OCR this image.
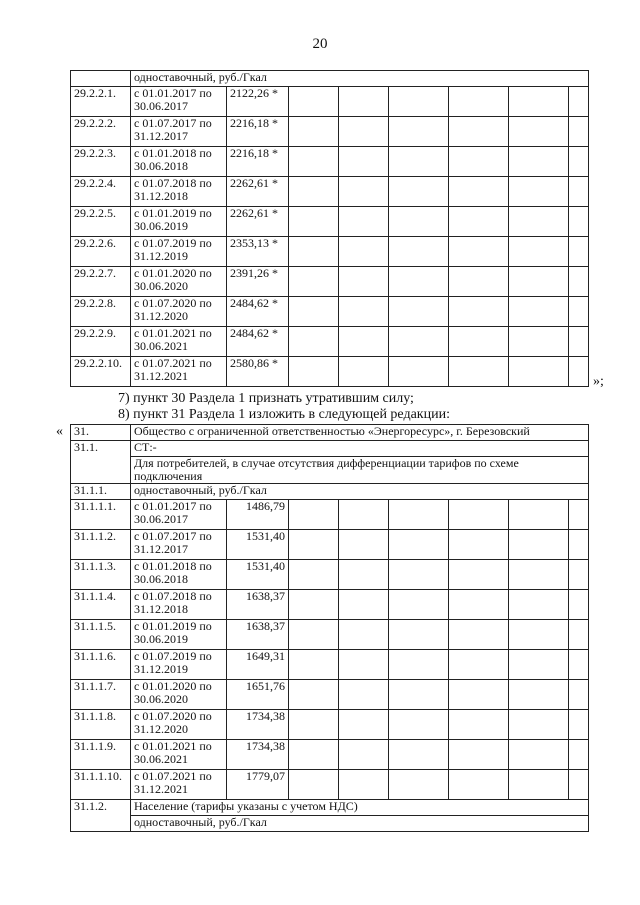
20
	одноставочный, руб./Гкал							
29.2.2.1.	с 01.01.2017 по 30.06.2017	2122,26 *						
29.2.2.2.	с 01.07.2017 по 31.12.2017	2216,18 *						
29.2.2.3.	с 01.01.2018 по 30.06.2018	2216,18 *						
29.2.2.4.	с 01.07.2018 по 31.12.2018	2262,61 *						
29.2.2.5.	с 01.01.2019 по 30.06.2019	2262,61 *						
29.2.2.6.	с 01.07.2019 по 31.12.2019	2353,13 *						
29.2.2.7.	с 01.01.2020 по 30.06.2020	2391,26 *						
29.2.2.8.	с 01.07.2020 по 31.12.2020	2484,62 *						
29.2.2.9.	с 01.01.2021 по 30.06.2021	2484,62 *						
29.2.2.10.	с 01.07.2021 по 31.12.2021	2580,86 *						
»;
7) пункт 30 Раздела 1 признать утратившим силу;
8) пункт 31 Раздела 1 изложить в следующей редакции:
« 31.	Общество с ограниченной ответственностью «Энергоресурс», г. Березовский							
31.1.	СТ:-							
	Для потребителей, в случае отсутствия дифференциации тарифов по схеме подключения							
31.1.1.	одноставочный, руб./Гкал							
31.1.1.1.	с 01.01.2017 по 30.06.2017	1486,79						
31.1.1.2.	с 01.07.2017 по 31.12.2017	1531,40						
31.1.1.3.	с 01.01.2018 по 30.06.2018	1531,40						
31.1.1.4.	с 01.07.2018 по 31.12.2018	1638,37						
31.1.1.5.	с 01.01.2019 по 30.06.2019	1638,37						
31.1.1.6.	с 01.07.2019 по 31.12.2019	1649,31						
31.1.1.7.	с 01.01.2020 по 30.06.2020	1651,76						
31.1.1.8.	с 01.07.2020 по 31.12.2020	1734,38						
31.1.1.9.	с 01.01.2021 по 30.06.2021	1734,38						
31.1.1.10.	с 01.07.2021 по 31.12.2021	1779,07						
31.1.2.	Население (тарифы указаны с учетом НДС)							
	одноставочный, руб./Гкал							
